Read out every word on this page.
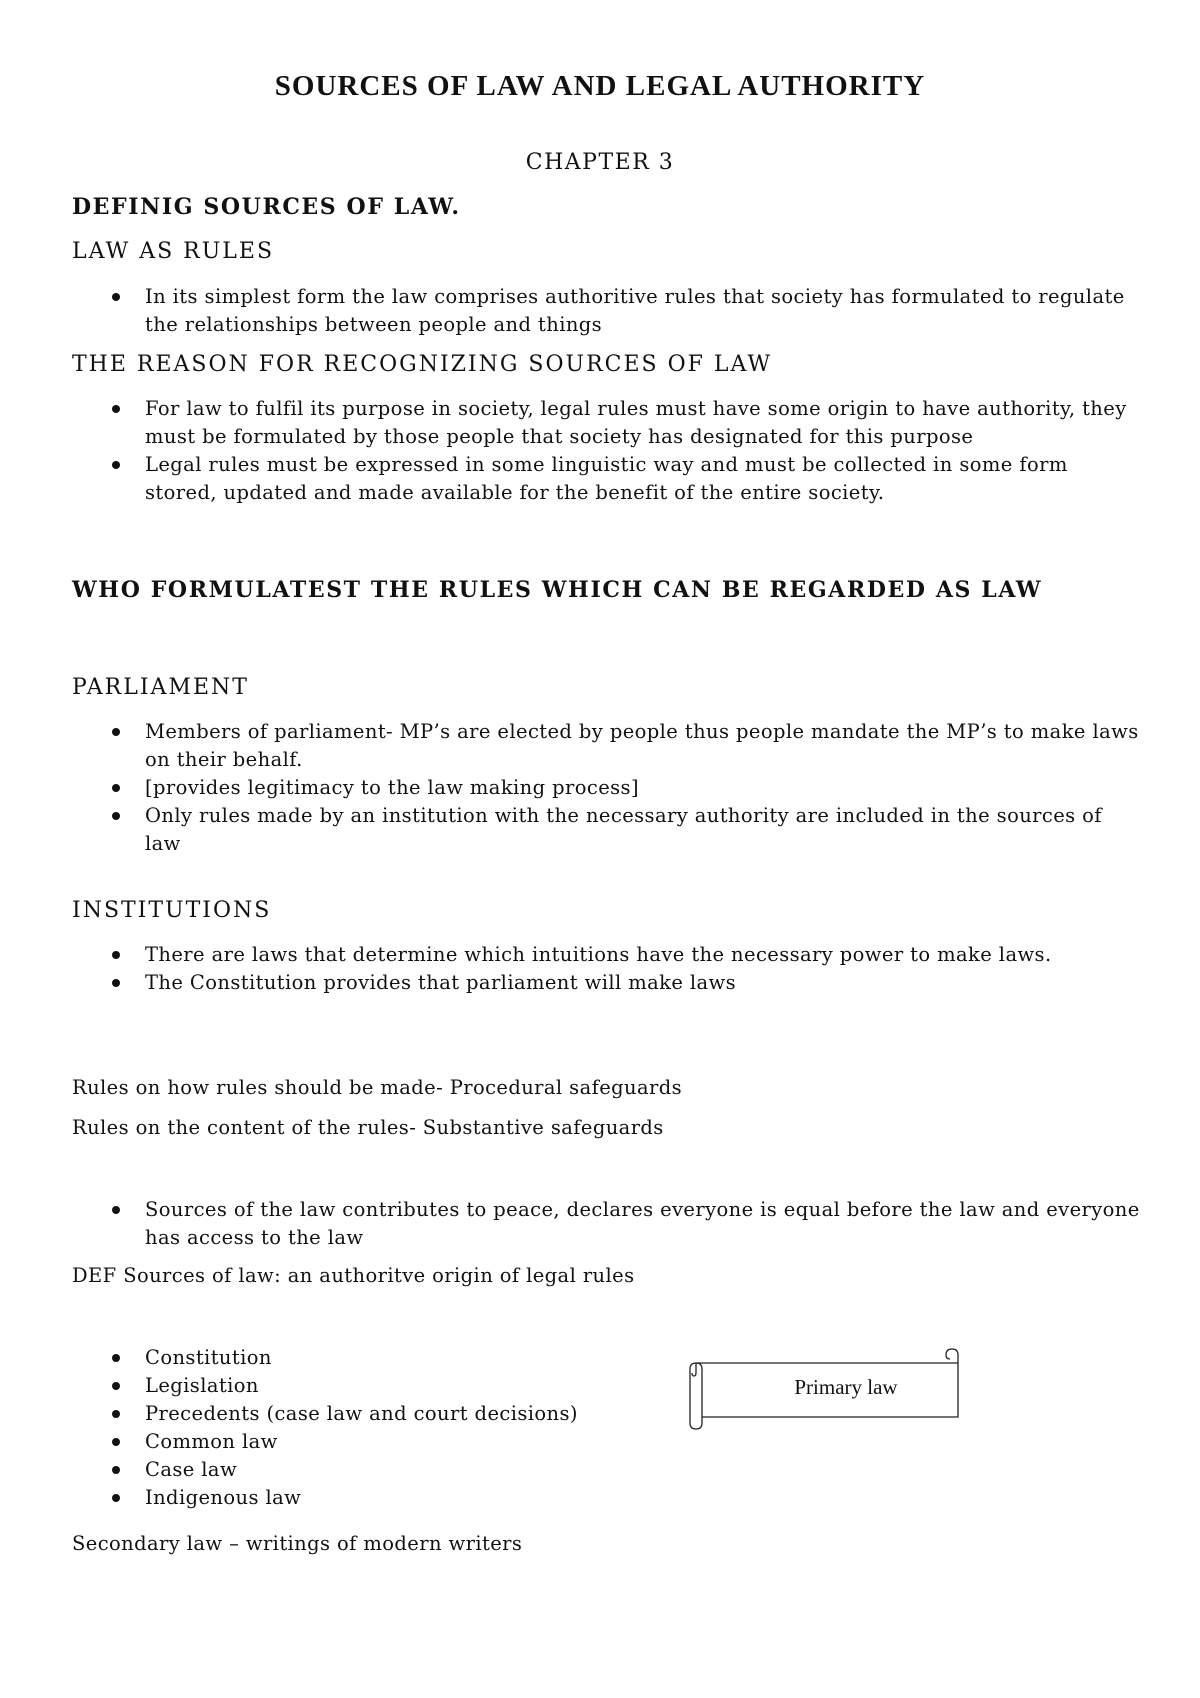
SOURCES OF LAW AND LEGAL AUTHORITY
CHAPTER 3
DEFINIG SOURCES OF LAW.
LAW AS RULES
In its simplest form the law comprises authoritive rules that society has formulated to regulate the relationships between people and things
THE REASON FOR RECOGNIZING SOURCES OF LAW
For law to fulfil its purpose in society, legal rules must have some origin to have authority, they must be formulated by those people that society has designated for this purpose
Legal rules must be expressed in some linguistic way and must be collected in some form stored, updated and made available for the benefit of the entire society.
WHO FORMULATEST THE RULES WHICH CAN BE REGARDED AS LAW
PARLIAMENT
Members of parliament- MP’s are elected by people thus people mandate the MP’s to make laws on their behalf.
[provides legitimacy to the law making process]
Only rules made by an institution with the necessary authority are included in the sources of law
INSTITUTIONS
There are laws that determine which intuitions have the necessary power to make laws.
The Constitution provides that parliament will make laws

Rules on how rules should be made- Procedural safeguards

Rules on the content of the rules- Substantive safeguards

Sources of the law contributes to peace, declares everyone is equal before the law and everyone has access to the law

DEF Sources of law: an authoritve origin of legal rules

Constitution
Legislation
Precedents (case law and court decisions)
Common law
Case law
Indigenous law
Primary law

Secondary law – writings of modern writers
